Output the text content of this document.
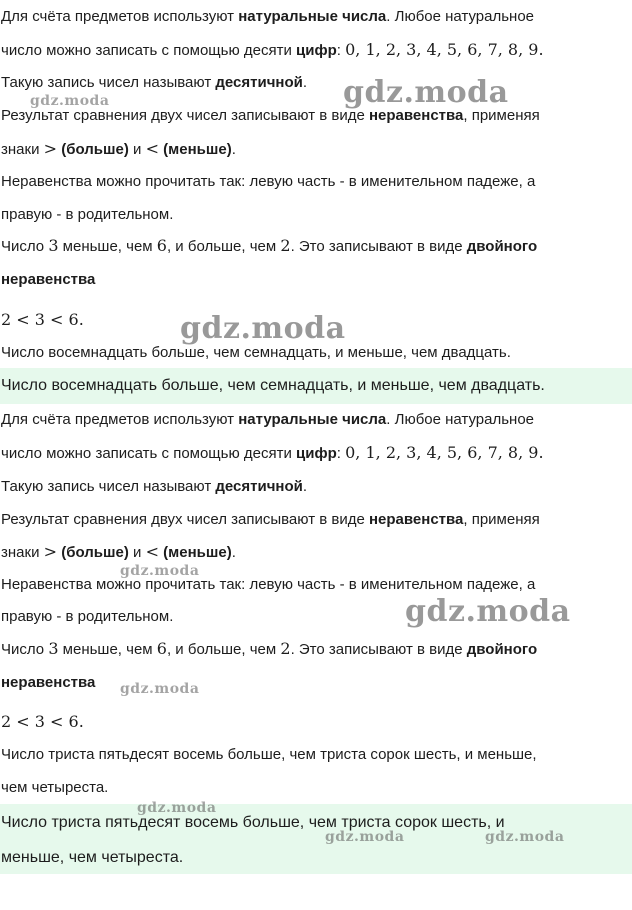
Для счёта предметов используют натуральные числа. Любое натуральное
число можно записать с помощью десяти цифр: 0, 1, 2, 3, 4, 5, 6, 7, 8, 9.
Такую запись чисел называют десятичной.
Результат сравнения двух чисел записывают в виде неравенства, применяя
знаки > (больше) и < (меньше).
Неравенства можно прочитать так: левую часть - в именительном падеже, а
правую - в родительном.
Число 3 меньше, чем 6, и больше, чем 2. Это записывают в виде двойного
неравенства
2 < 3 < 6.
Число восемнадцать больше, чем семнадцать, и меньше, чем двадцать.
Число восемнадцать больше, чем семнадцать, и меньше, чем двадцать.
Для счёта предметов используют натуральные числа. Любое натуральное
число можно записать с помощью десяти цифр: 0, 1, 2, 3, 4, 5, 6, 7, 8, 9.
Такую запись чисел называют десятичной.
Результат сравнения двух чисел записывают в виде неравенства, применяя
знаки > (больше) и < (меньше).
Неравенства можно прочитать так: левую часть - в именительном падеже, а
правую - в родительном.
Число 3 меньше, чем 6, и больше, чем 2. Это записывают в виде двойного
неравенства
2 < 3 < 6.
Число триста пятьдесят восемь больше, чем триста сорок шесть, и меньше,
чем четыреста.
Число триста пятьдесят восемь больше, чем триста сорок шесть, и
меньше, чем четыреста.
gdz.moda	gdz.moda
gdz.moda
gdz.moda
gdz.moda
gdz.moda
gdz.moda
gdz.moda	gdz.moda
